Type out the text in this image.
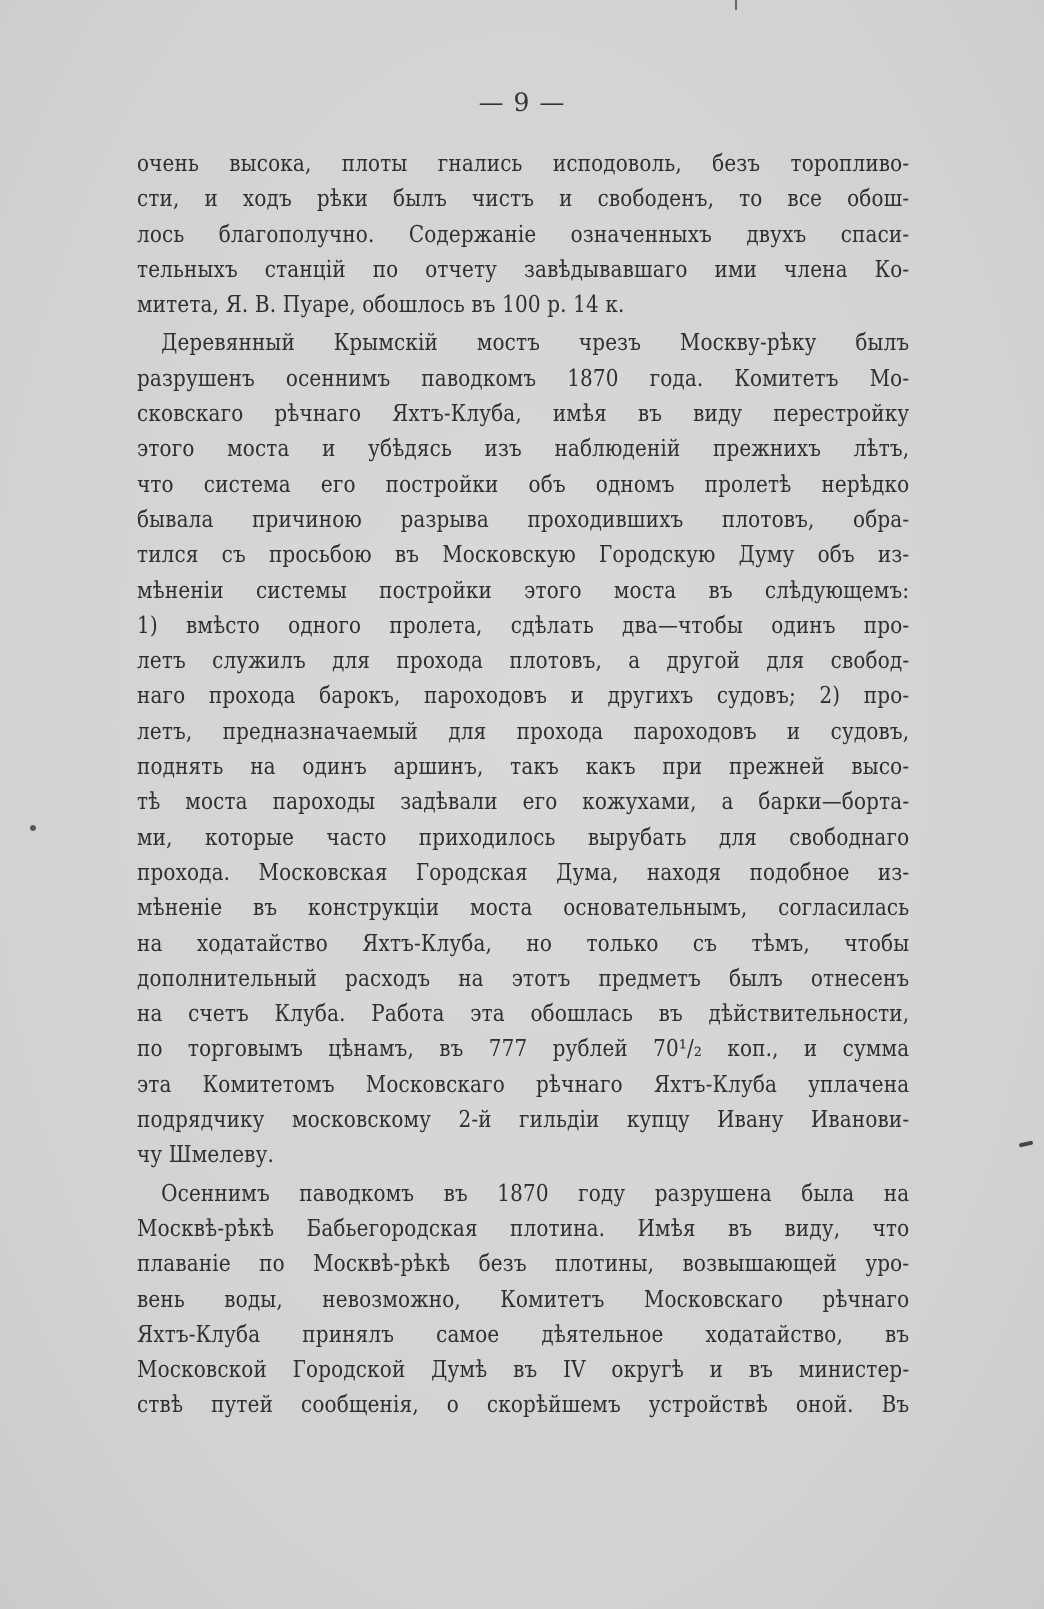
— 9 —
очень высока, плоты гнались исподоволь, безъ торопливо-
сти, и ходъ рѣки былъ чистъ и свободенъ, то все обош-
лось благополучно. Содержаніе означенныхъ двухъ спаси-
тельныхъ станцій по отчету завѣдывавшаго ими члена Ко-
митета, Я. В. Пуаре, обошлось въ 100 р. 14 к.
Деревянный Крымскій мостъ чрезъ Москву-рѣку былъ
разрушенъ осеннимъ паводкомъ 1870 года. Комитетъ Мо-
сковскаго рѣчнаго Яхтъ-Клуба, имѣя въ виду перестройку
этого моста и убѣдясь изъ наблюденій прежнихъ лѣтъ,
что система его постройки объ одномъ пролетѣ нерѣдко
бывала причиною разрыва проходившихъ плотовъ, обра-
тился съ просьбою въ Московскую Городскую Думу объ из-
мѣненіи системы постройки этого моста въ слѣдующемъ:
1) вмѣсто одного пролета, сдѣлать два—чтобы одинъ про-
летъ служилъ для прохода плотовъ, а другой для свобод-
наго прохода барокъ, пароходовъ и другихъ судовъ; 2) про-
летъ, предназначаемый для прохода пароходовъ и судовъ,
поднять на одинъ аршинъ, такъ какъ при прежней высо-
тѣ моста пароходы задѣвали его кожухами, а барки—борта-
ми, которые часто приходилось вырубать для свободнаго
прохода. Московская Городская Дума, находя подобное из-
мѣненіе въ конструкціи моста основательнымъ, согласилась
на ходатайство Яхтъ-Клуба, но только съ тѣмъ, чтобы
дополнительный расходъ на этотъ предметъ былъ отнесенъ
на счетъ Клуба. Работа эта обошлась въ дѣйствительности,
по торговымъ цѣнамъ, въ 777 рублей 70¹/₂ коп., и сумма
эта Комитетомъ Московскаго рѣчнаго Яхтъ-Клуба уплачена
подрядчику московскому 2-й гильдіи купцу Ивану Иванови-
чу Шмелеву.
Осеннимъ паводкомъ въ 1870 году разрушена была на
Москвѣ-рѣкѣ Бабьегородская плотина. Имѣя въ виду, что
плаваніе по Москвѣ-рѣкѣ безъ плотины, возвышающей уро-
вень воды, невозможно, Комитетъ Московскаго рѣчнаго
Яхтъ-Клуба принялъ самое дѣятельное ходатайство, въ
Московской Городской Думѣ въ IV округѣ и въ министер-
ствѣ путей сообщенія, о скорѣйшемъ устройствѣ оной. Въ
